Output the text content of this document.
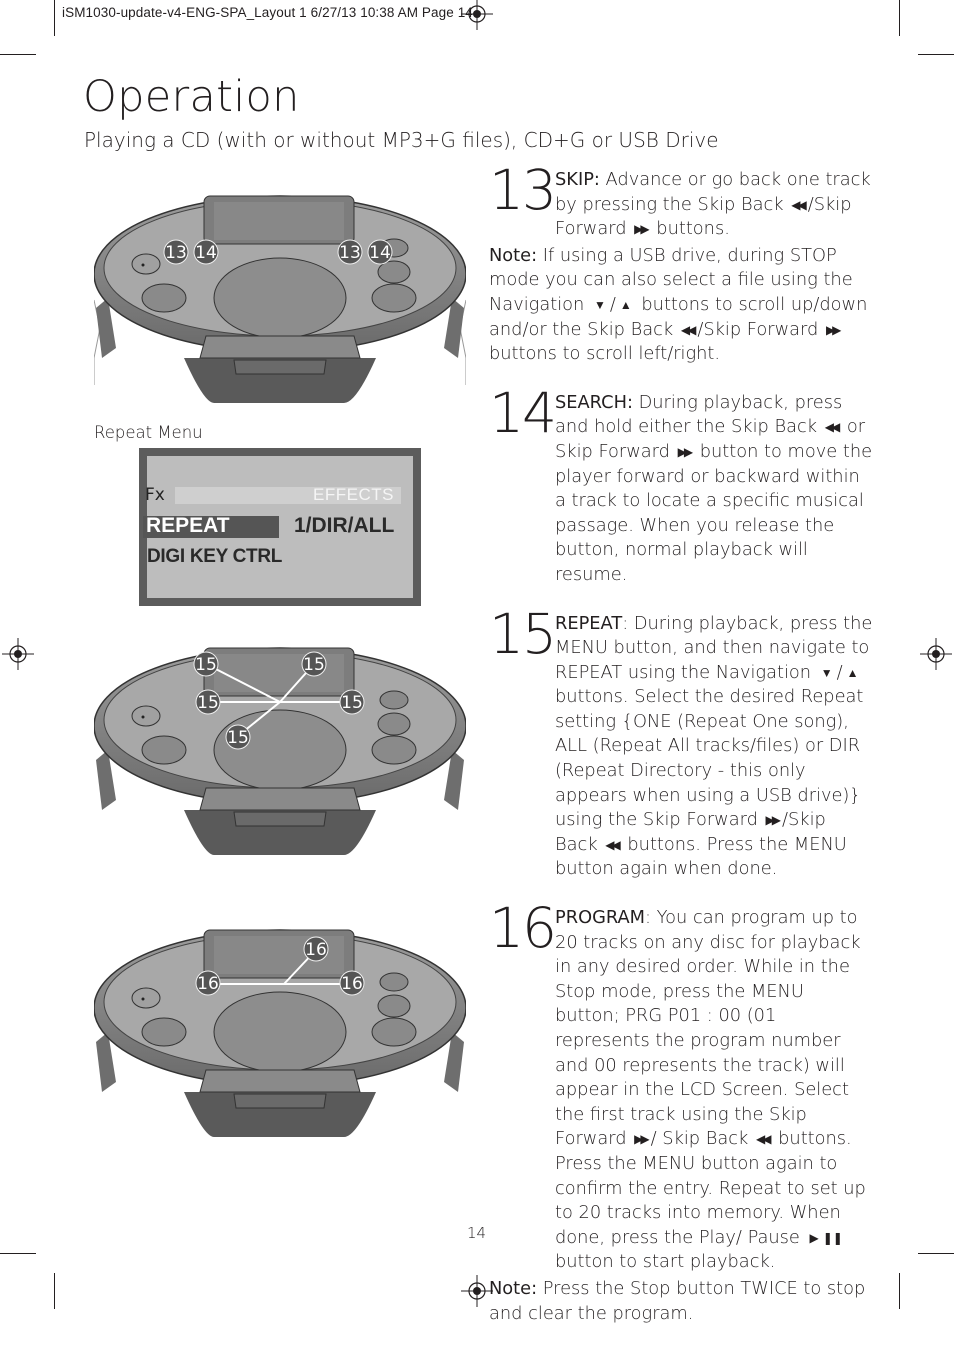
iSM1030-update-v4-ENG-SPA_Layout 1 6/27/13 10:38 AM Page 14
Operation
Playing a CD (with or without MP3+G files), CD+G or USB Drive
13 14	13 14
Repeat Menu
Fx	EFFECTS
REPEAT	1/DIR/ALL
DIGI KEY CTRL
15	15
15	15
15
16
16	16
13 SKIP: Advance or go back one track by pressing the Skip Back ◀◀ /Skip Forward ▶▶ buttons.

Note: If using a USB drive, during STOP mode you can also select a file using the Navigation ▼ / ▲ buttons to scroll up/down and/or the Skip Back ◀◀ /Skip Forward ▶▶ buttons to scroll left/right.

14 SEARCH: During playback, press and hold either the Skip Back ◀◀ or Skip Forward ▶▶ button to move the player forward or backward within a track to locate a specific musical passage. When you release the button, normal playback will resume.

15 REPEAT: During playback, press the MENU button, and then navigate to REPEAT using the Navigation ▼ / ▲ buttons. Select the desired Repeat setting {ONE (Repeat One song), ALL (Repeat All tracks/files) or DIR (Repeat Directory - this only appears when using a USB drive)} using the Skip Forward ▶▶ /Skip Back ◀◀ buttons. Press the MENU button again when done.

16 PROGRAM: You can program up to 20 tracks on any disc for playback in any desired order. While in the Stop mode, press the MENU button; PRG P01 : 00 (01 represents the program number and 00 represents the track) will appear in the LCD Screen. Select the first track using the Skip Forward ▶▶ / Skip Back ◀◀ buttons. Press the MENU button again to confirm the entry. Repeat to set up to 20 tracks into memory. When done, press the Play/ Pause ▶ ❚❚ button to start playback.

Note: Press the Stop button TWICE to stop and clear the program.

14
